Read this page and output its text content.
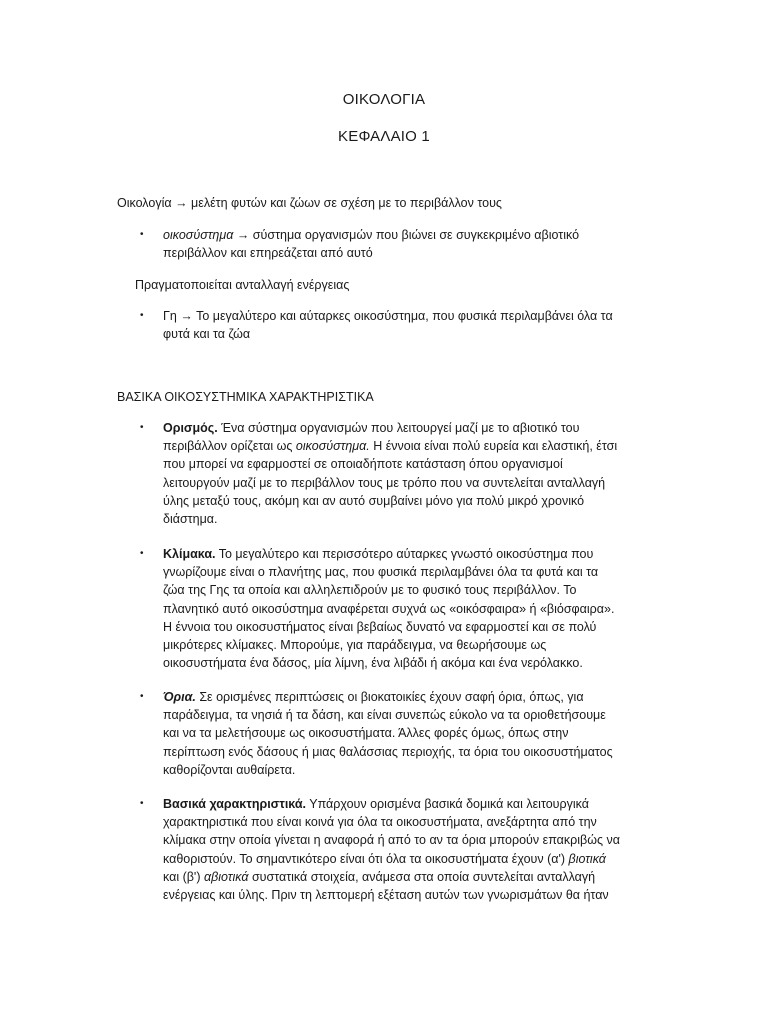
ΟΙΚΟΛΟΓΙΑ
ΚΕΦΑΛΑΙΟ 1
Οικολογία → μελέτη φυτών και ζώων σε σχέση με το περιβάλλον τους
• οικοσύστημα → σύστημα οργανισμών που βιώνει σε συγκεκριμένο αβιοτικό

περιβάλλον και επηρεάζεται από αυτό

Πραγματοποιείται ανταλλαγή ενέργειας
• Γη → Το μεγαλύτερο και αύταρκες οικοσύστημα, που φυσικά περιλαμβάνει όλα τα

φυτά και τα ζώα

ΒΑΣΙΚΑ ΟΙΚΟΣΥΣΤΗΜΙΚΑ ΧΑΡΑΚΤΗΡΙΣΤΙΚΑ
• Ορισμός. Ένα σύστημα οργανισμών που λειτουργεί μαζί με το αβιοτικό του

περιβάλλον ορίζεται ως οικοσύστημα. Η έννοια είναι πολύ ευρεία και ελαστική, έτσι

που μπορεί να εφαρμοστεί σε οποιαδήποτε κατάσταση όπου οργανισμοί

λειτουργούν μαζί με το περιβάλλον τους με τρόπο που να συντελείται ανταλλαγή

ύλης μεταξύ τους, ακόμη και αν αυτό συμβαίνει μόνο για πολύ μικρό χρονικό

διάστημα.

• Κλίμακα. Το μεγαλύτερο και περισσότερο αύταρκες γνωστό οικοσύστημα που

γνωρίζουμε είναι ο πλανήτης μας, που φυσικά περιλαμβάνει όλα τα φυτά και τα

ζώα της Γης τα οποία και αλληλεπιδρούν με το φυσικό τους περιβάλλον. Το

πλανητικό αυτό οικοσύστημα αναφέρεται συχνά ως «οικόσφαιρα» ή «βιόσφαιρα».

Η έννοια του οικοσυστήματος είναι βεβαίως δυνατό να εφαρμοστεί και σε πολύ

μικρότερες κλίμακες. Μπορούμε, για παράδειγμα, να θεωρήσουμε ως

οικοσυστήματα ένα δάσος, μία λίμνη, ένα λιβάδι ή ακόμα και ένα νερόλακκο.

• Όρια. Σε ορισμένες περιπτώσεις οι βιοκατοικίες έχουν σαφή όρια, όπως, για

παράδειγμα, τα νησιά ή τα δάση, και είναι συνεπώς εύκολο να τα οριοθετήσουμε

και να τα μελετήσουμε ως οικοσυστήματα. Άλλες φορές όμως, όπως στην

περίπτωση ενός δάσους ή μιας θαλάσσιας περιοχής, τα όρια του οικοσυστήματος

καθορίζονται αυθαίρετα.

• Βασικά χαρακτηριστικά. Υπάρχουν ορισμένα βασικά δομικά και λειτουργικά

χαρακτηριστικά που είναι κοινά για όλα τα οικοσυστήματα, ανεξάρτητα από την

κλίμακα στην οποία γίνεται η αναφορά ή από το αν τα όρια μπορούν επακριβώς να

καθοριστούν. Το σημαντικότερο είναι ότι όλα τα οικοσυστήματα έχουν (α') βιοτικά

και (β') αβιοτικά συστατικά στοιχεία, ανάμεσα στα οποία συντελείται ανταλλαγή

ενέργειας και ύλης. Πριν τη λεπτομερή εξέταση αυτών των γνωρισμάτων θα ήταν
